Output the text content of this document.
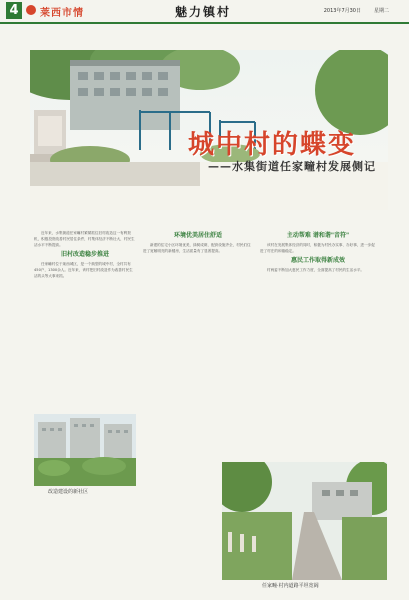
4	莱西市情	魅力镇村	2013年7月30日	星期二
城中村的蝶变
——水集街道任家疃村发展侧记

近年来，水集街道任家疃村紧紧抓住旧村改造这一有利契机，积极投资改善村民居住条件，村集体经济不断壮大，村民生活水平不断提高。

旧村改造稳步推进

任家疃村位于莱西城区，是一个典型的城中村，全村共有450户，1300余人。近年来，该村把旧村改造作为改善村民生活的头等大事来抓。

环境优美居住舒适

新建的住宅小区环境优美，绿树成荫，配套设施齐全，村民们住进了宽敞明亮的新楼房，生活质量有了显著提高。

主动帮难 谱和谐"音符"

该村在发展集体经济的同时，积极为村民办实事、办好事，进一步促进了村庄的和谐稳定。

惠民工作取得新成效

村两委不断加大惠民工作力度，全面提高了村民的生活水平。

改造建设的新社区
任家疃·村内道路平坦宽阔
